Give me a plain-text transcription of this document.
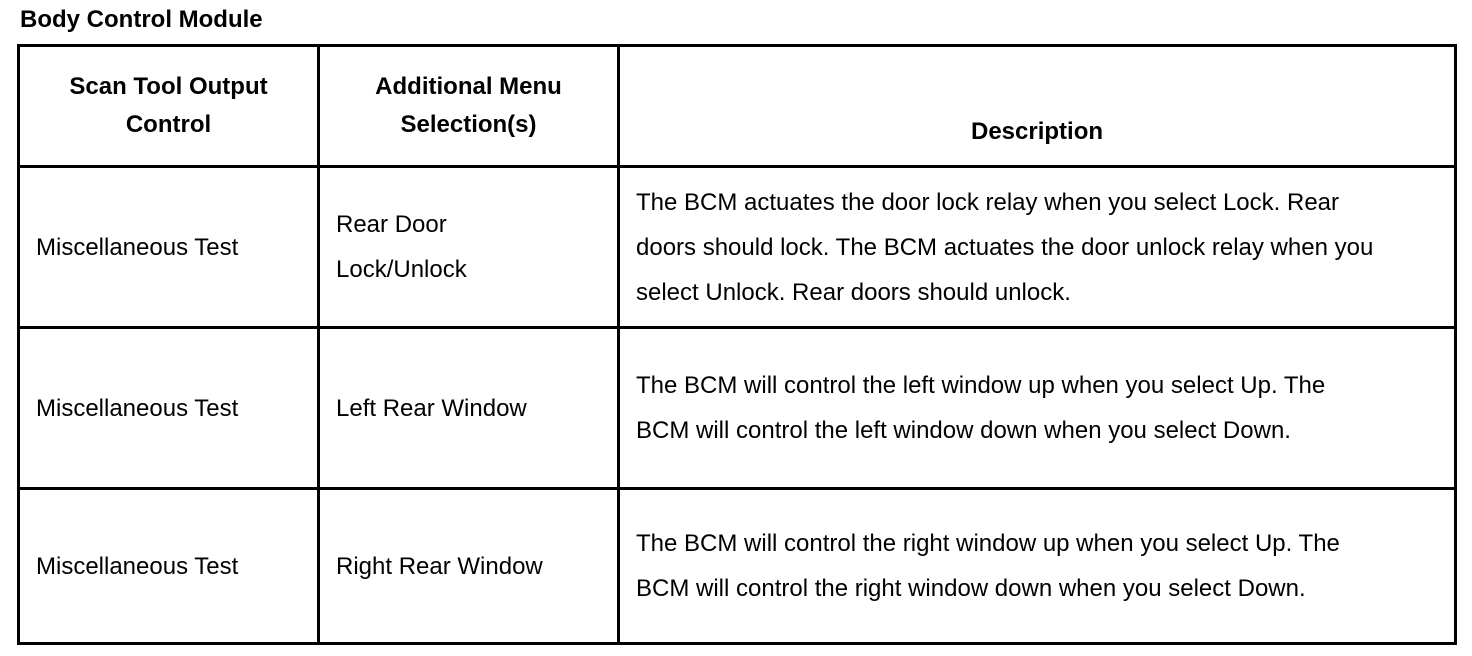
Body Control Module
Scan Tool Output Control	Additional Menu Selection(s)	Description

Miscellaneous Test	Rear Door Lock/Unlock	The BCM actuates the door lock relay when you select Lock. Rear doors should lock. The BCM actuates the door unlock relay when you select Unlock. Rear doors should unlock.

Miscellaneous Test	Left Rear Window	The BCM will control the left window up when you select Up. The BCM will control the left window down when you select Down.

Miscellaneous Test	Right Rear Window	The BCM will control the right window up when you select Up. The BCM will control the right window down when you select Down.
